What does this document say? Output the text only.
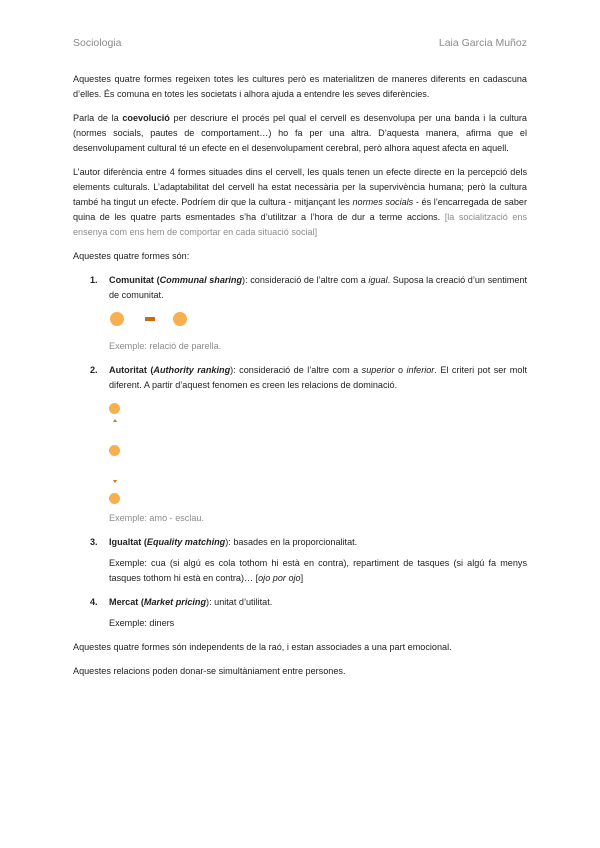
Sociologia	Laia Garcia Muñoz

Aquestes quatre formes regeixen totes les cultures però es materialitzen de maneres diferents en cadascuna d’elles. És comuna en totes les societats i alhora ajuda a entendre les seves diferències.

Parla de la coevolució per descriure el procés pel qual el cervell es desenvolupa per una banda i la cultura (normes socials, pautes de comportament…) ho fa per una altra. D’aquesta manera, afirma que el desenvolupament cultural té un efecte en el desenvolupament cerebral, però alhora aquest afecta en aquell.

L’autor diferència entre 4 formes situades dins el cervell, les quals tenen un efecte directe en la percepció dels elements culturals. L’adaptabilitat del cervell ha estat necessària per la supervivència humana; però la cultura també ha tingut un efecte. Podríem dir que la cultura - mitjançant les normes socials - és l’encarregada de saber quina de les quatre parts esmentades s’ha d’utilitzar a l’hora de dur a terme accions. [la socialització ens ensenya com ens hem de comportar en cada situació social]

Aquestes quatre formes són:

1. Comunitat (Communal sharing): consideració de l’altre com a igual. Suposa la creació d’un sentiment de comunitat.

Exemple: relació de parella.

2. Autoritat (Authority ranking): consideració de l’altre com a superior o inferior. El criteri pot ser molt diferent. A partir d’aquest fenomen es creen les relacions de dominació.

Exemple: amo - esclau.

3. Igualtat (Equality matching): basades en la proporcionalitat.

Exemple: cua (si algú es cola tothom hi està en contra), repartiment de tasques (si algú fa menys tasques tothom hi està en contra)… [ojo por ojo]

4. Mercat (Market pricing): unitat d’utilitat.

Exemple: diners

Aquestes quatre formes són independents de la raó, i estan associades a una part emocional.

Aquestes relacions poden donar-se simultàniament entre persones.
